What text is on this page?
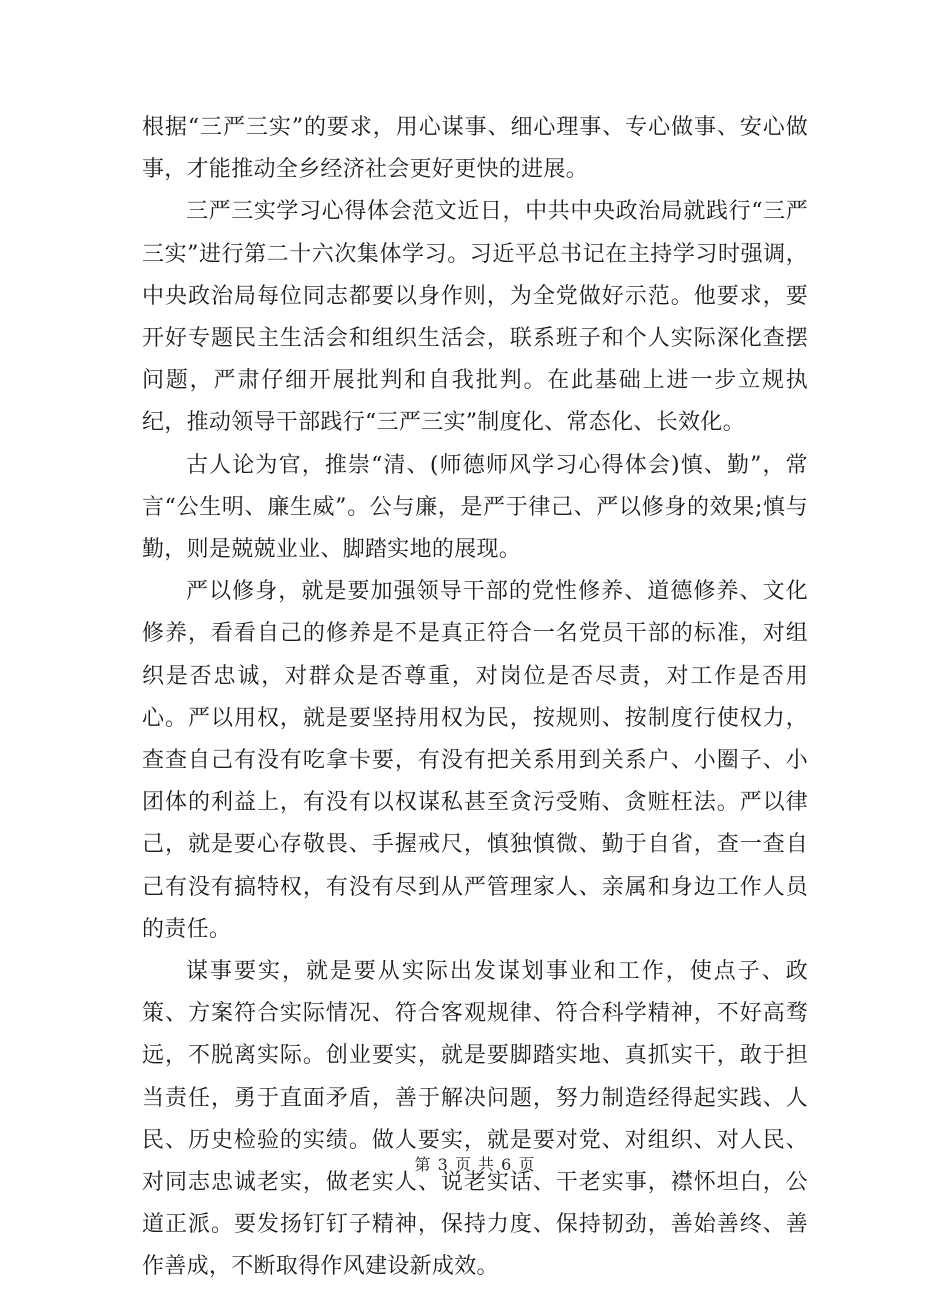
根据“三严三实”的要求，用心谋事、细心理事、专心做事、安心做事，才能推动全乡经济社会更好更快的进展。

三严三实学习心得体会范文近日，中共中央政治局就践行“三严三实”进行第二十六次集体学习。习近平总书记在主持学习时强调，中央政治局每位同志都要以身作则，为全党做好示范。他要求，要开好专题民主生活会和组织生活会，联系班子和个人实际深化查摆问题，严肃仔细开展批判和自我批判。在此基础上进一步立规执纪，推动领导干部践行“三严三实”制度化、常态化、长效化。

古人论为官，推崇“清、(师德师风学习心得体会)慎、勤”，常言“公生明、廉生威”。公与廉，是严于律己、严以修身的效果;慎与勤，则是兢兢业业、脚踏实地的展现。

严以修身，就是要加强领导干部的党性修养、道德修养、文化修养，看看自己的修养是不是真正符合一名党员干部的标准，对组织是否忠诚，对群众是否尊重，对岗位是否尽责，对工作是否用心。严以用权，就是要坚持用权为民，按规则、按制度行使权力，查查自己有没有吃拿卡要，有没有把关系用到关系户、小圈子、小团体的利益上，有没有以权谋私甚至贪污受贿、贪赃枉法。严以律己，就是要心存敬畏、手握戒尺，慎独慎微、勤于自省，查一查自己有没有搞特权，有没有尽到从严管理家人、亲属和身边工作人员的责任。

谋事要实，就是要从实际出发谋划事业和工作，使点子、政策、方案符合实际情况、符合客观规律、符合科学精神，不好高骛远，不脱离实际。创业要实，就是要脚踏实地、真抓实干，敢于担当责任，勇于直面矛盾，善于解决问题，努力制造经得起实践、人民、历史检验的实绩。做人要实，就是要对党、对组织、对人民、对同志忠诚老实，做老实人、说老实话、干老实事，襟怀坦白，公道正派。要发扬钉钉子精神，保持力度、保持韧劲，善始善终、善作善成，不断取得作风建设新成效。

第 3 页 共 6 页
